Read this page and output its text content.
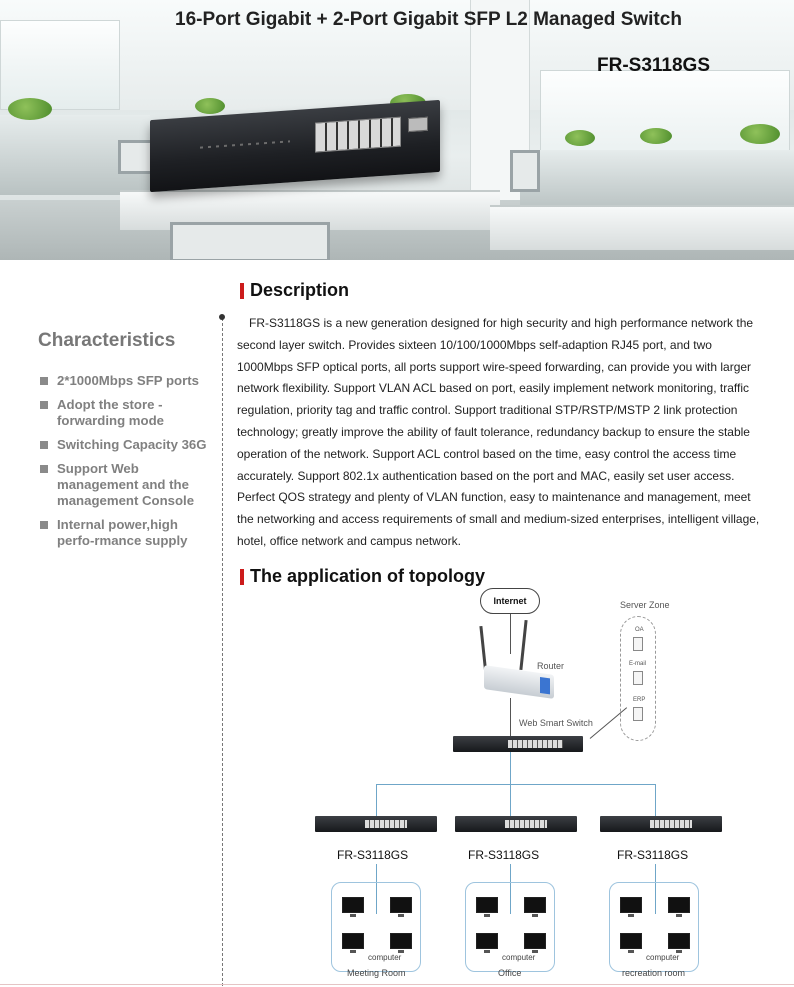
16-Port Gigabit + 2-Port Gigabit SFP L2 Managed Switch
FR-S3118GS
Characteristics
2*1000Mbps SFP ports
Adopt the store - forwarding mode
Switching Capacity 36G
Support Web management and the management Console
Internal power,high perfo-rmance supply
Description
FR-S3118GS is a new generation designed for high security and high performance network the second layer switch. Provides sixteen 10/100/1000Mbps self-adaption RJ45 port, and two 1000Mbps SFP optical ports, all ports support wire-speed forwarding, can provide you with larger network flexibility. Support VLAN ACL based on port, easily implement network monitoring, traffic regulation, priority tag and traffic control. Support traditional STP/RSTP/MSTP 2 link protection technology; greatly improve the ability of fault tolerance, redundancy backup to ensure the stable operation of the network. Support ACL control based on the time, easy control the access time accurately. Support 802.1x authentication based on the port and MAC, easily set user access. Perfect QOS strategy and plenty of VLAN function, easy to maintenance and management, meet the networking and access requirements of small and medium-sized enterprises, intelligent village, hotel, office network and campus network.
The application of topology
Internet
Router
Server Zone
OA
E-mail
ERP
Web Smart Switch
FR-S3118GS	FR-S3118GS	FR-S3118GS
computer	computer	computer
Meeting Room	Office	recreation room
